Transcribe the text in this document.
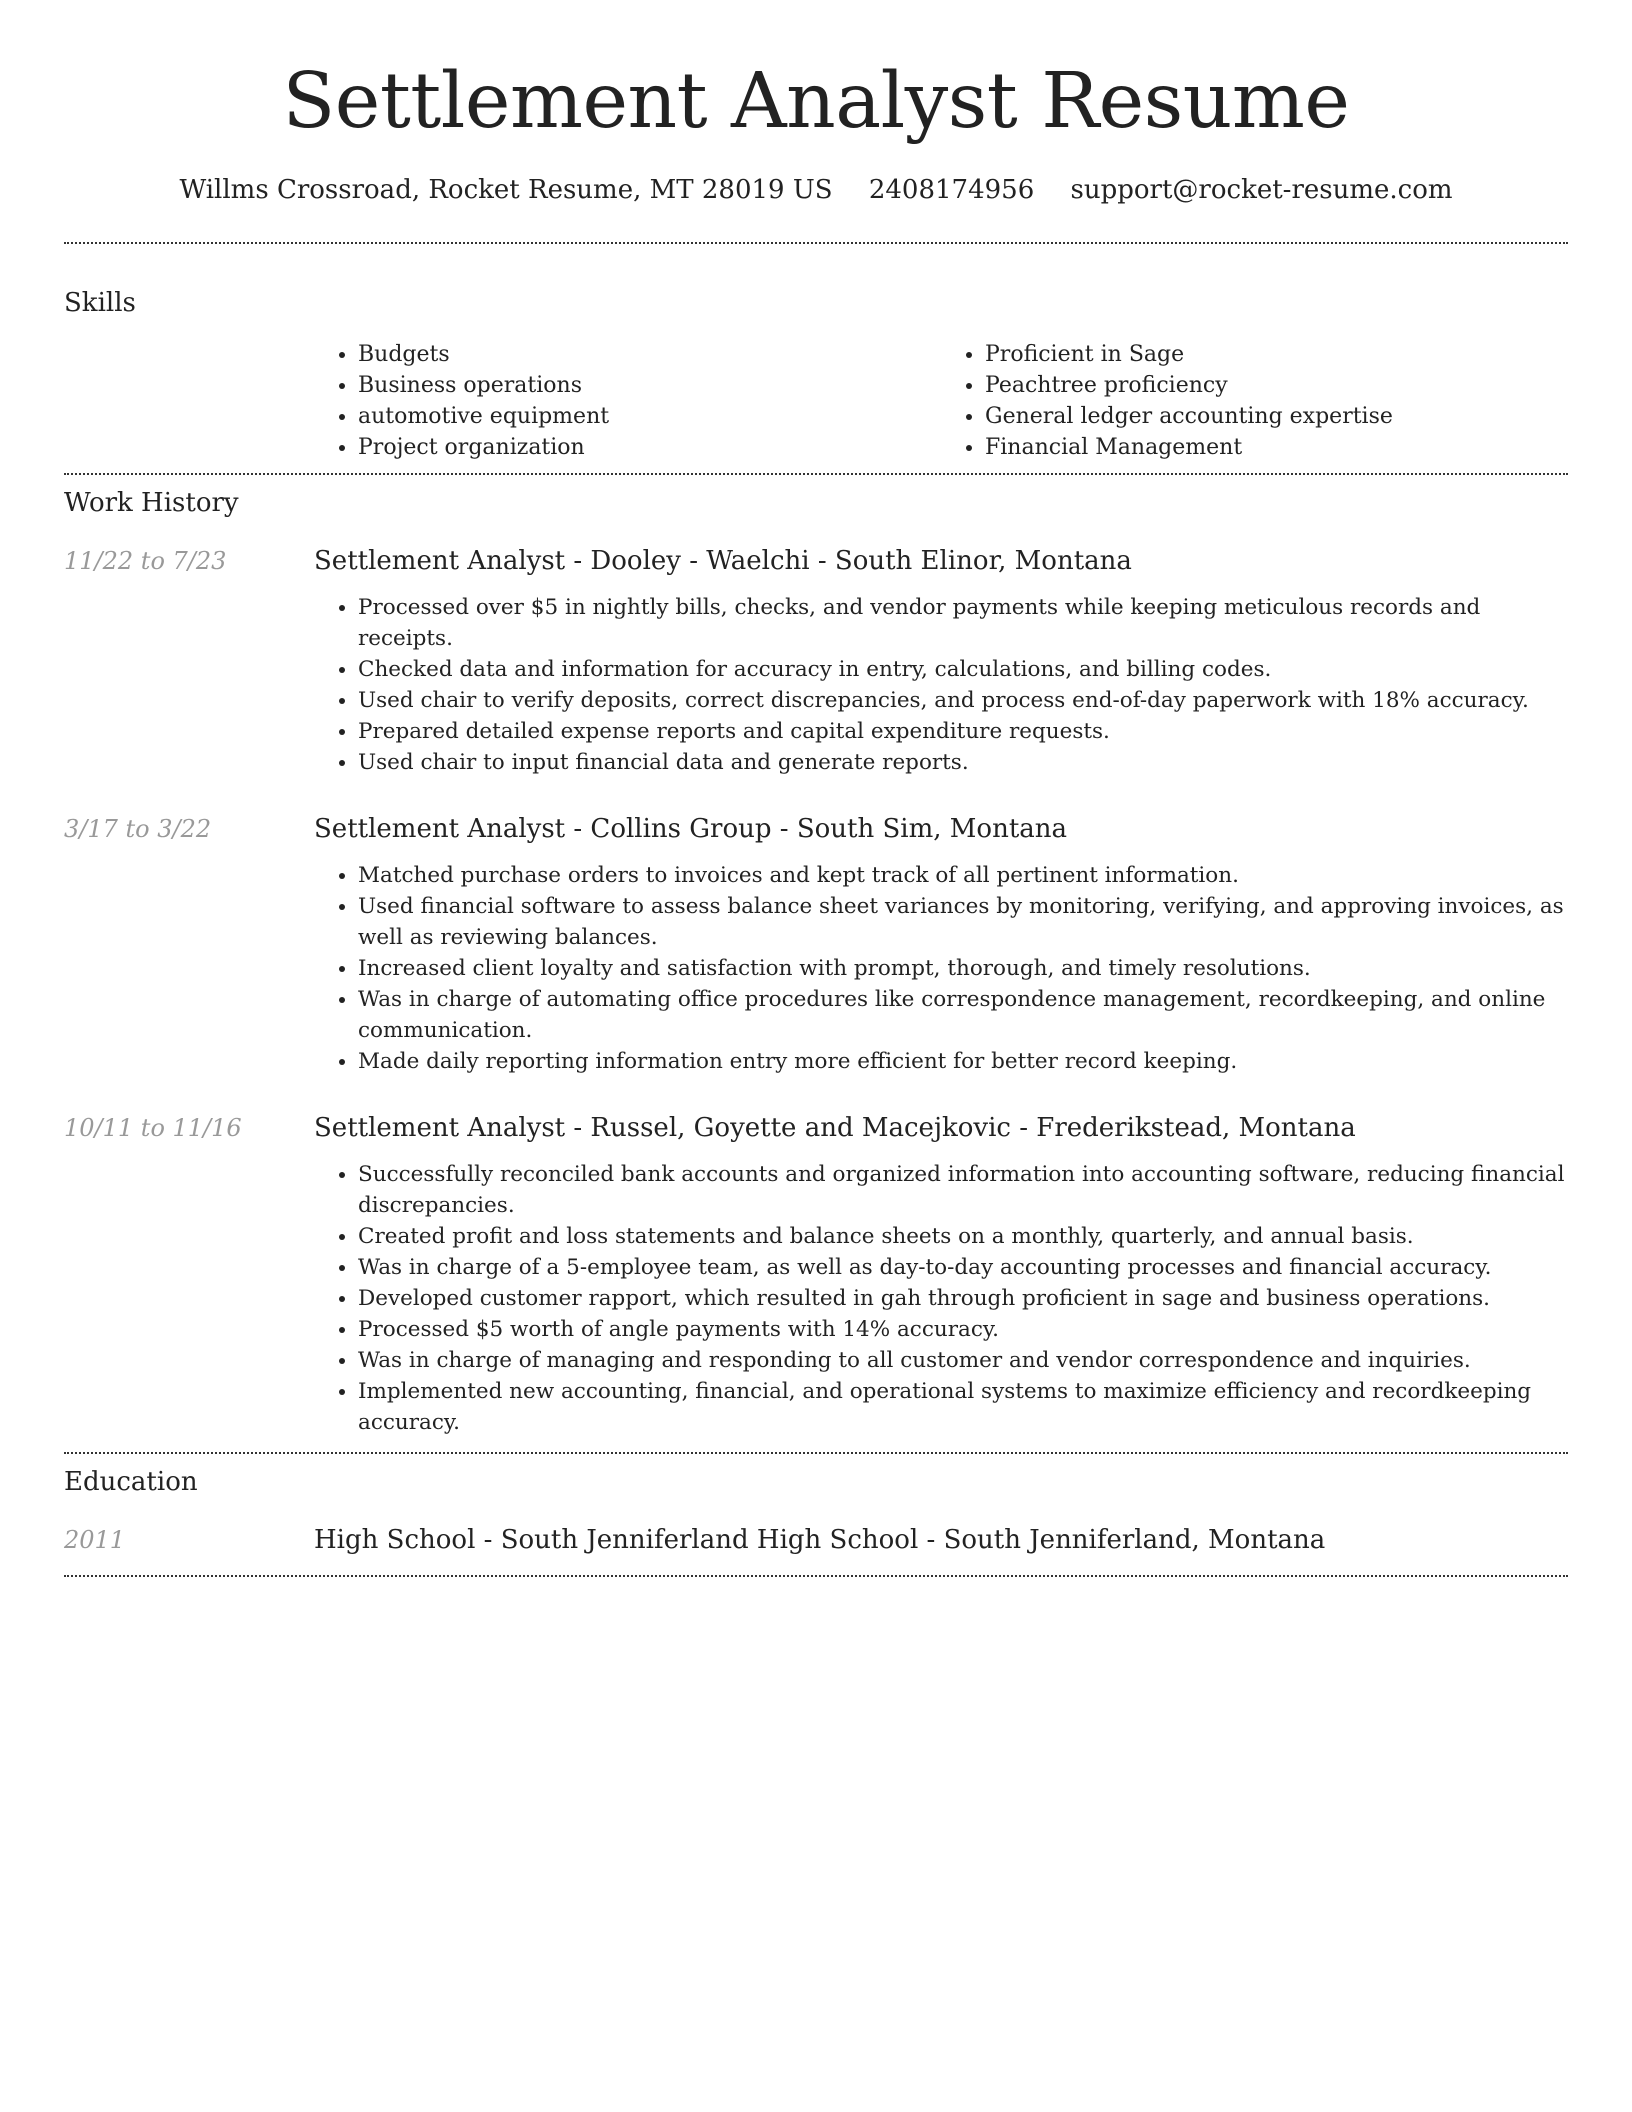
Settlement Analyst Resume
Willms Crossroad, Rocket Resume, MT 28019 US 2408174956 support@rocket-resume.com
Skills
• Budgets
• Business operations
• automotive equipment
• Project organization
• Proficient in Sage
• Peachtree proficiency
• General ledger accounting expertise
• Financial Management
Work History
11/22 to 7/23	Settlement Analyst - Dooley - Waelchi - South Elinor, Montana
• Processed over $5 in nightly bills, checks, and vendor payments while keeping meticulous records and receipts.
• Checked data and information for accuracy in entry, calculations, and billing codes.
• Used chair to verify deposits, correct discrepancies, and process end-of-day paperwork with 18% accuracy.
• Prepared detailed expense reports and capital expenditure requests.
• Used chair to input financial data and generate reports.
3/17 to 3/22	Settlement Analyst - Collins Group - South Sim, Montana
• Matched purchase orders to invoices and kept track of all pertinent information.
• Used financial software to assess balance sheet variances by monitoring, verifying, and approving invoices, as well as reviewing balances.
• Increased client loyalty and satisfaction with prompt, thorough, and timely resolutions.
• Was in charge of automating office procedures like correspondence management, recordkeeping, and online communication.
• Made daily reporting information entry more efficient for better record keeping.
10/11 to 11/16	Settlement Analyst - Russel, Goyette and Macejkovic - Frederikstead, Montana
• Successfully reconciled bank accounts and organized information into accounting software, reducing financial discrepancies.
• Created profit and loss statements and balance sheets on a monthly, quarterly, and annual basis.
• Was in charge of a 5-employee team, as well as day-to-day accounting processes and financial accuracy.
• Developed customer rapport, which resulted in gah through proficient in sage and business operations.
• Processed $5 worth of angle payments with 14% accuracy.
• Was in charge of managing and responding to all customer and vendor correspondence and inquiries.
• Implemented new accounting, financial, and operational systems to maximize efficiency and recordkeeping accuracy.
Education
2011	High School - South Jenniferland High School - South Jenniferland, Montana
